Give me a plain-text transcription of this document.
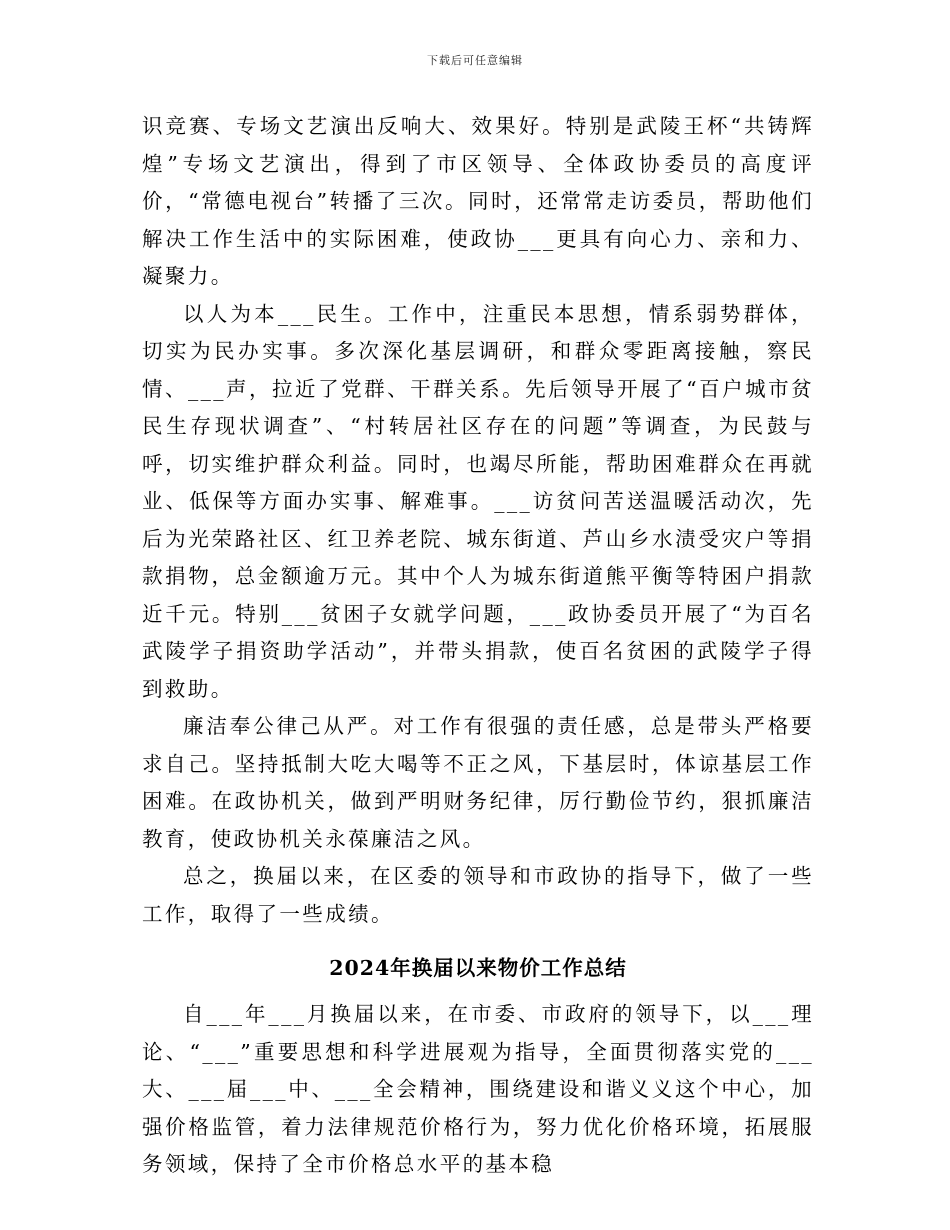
下载后可任意编辑

识竞赛、专场文艺演出反响大、效果好。特别是武陵王杯“共铸辉煌”专场文艺演出，得到了市区领导、全体政协委员的高度评价，“常德电视台”转播了三次。同时，还常常走访委员，帮助他们解决工作生活中的实际困难，使政协___更具有向心力、亲和力、凝聚力。

以人为本___民生。工作中，注重民本思想，情系弱势群体，切实为民办实事。多次深化基层调研，和群众零距离接触，察民情、___声，拉近了党群、干群关系。先后领导开展了“百户城市贫民生存现状调查”、“村转居社区存在的问题”等调查，为民鼓与呼，切实维护群众利益。同时，也竭尽所能，帮助困难群众在再就业、低保等方面办实事、解难事。___访贫问苦送温暖活动次，先后为光荣路社区、红卫养老院、城东街道、芦山乡水渍受灾户等捐款捐物，总金额逾万元。其中个人为城东街道熊平衡等特困户捐款近千元。特别___贫困子女就学问题，___政协委员开展了“为百名武陵学子捐资助学活动”，并带头捐款，使百名贫困的武陵学子得到救助。

廉洁奉公律己从严。对工作有很强的责任感，总是带头严格要求自己。坚持抵制大吃大喝等不正之风，下基层时，体谅基层工作困难。在政协机关，做到严明财务纪律，厉行勤俭节约，狠抓廉洁教育，使政协机关永葆廉洁之风。

总之，换届以来，在区委的领导和市政协的指导下，做了一些工作，取得了一些成绩。

2024年换届以来物价工作总结

自___年___月换届以来，在市委、市政府的领导下，以___理论、“___”重要思想和科学进展观为指导，全面贯彻落实党的___大、___届___中、___全会精神，围绕建设和谐义义这个中心，加强价格监管，着力法律规范价格行为，努力优化价格环境，拓展服务领域，保持了全市价格总水平的基本稳
